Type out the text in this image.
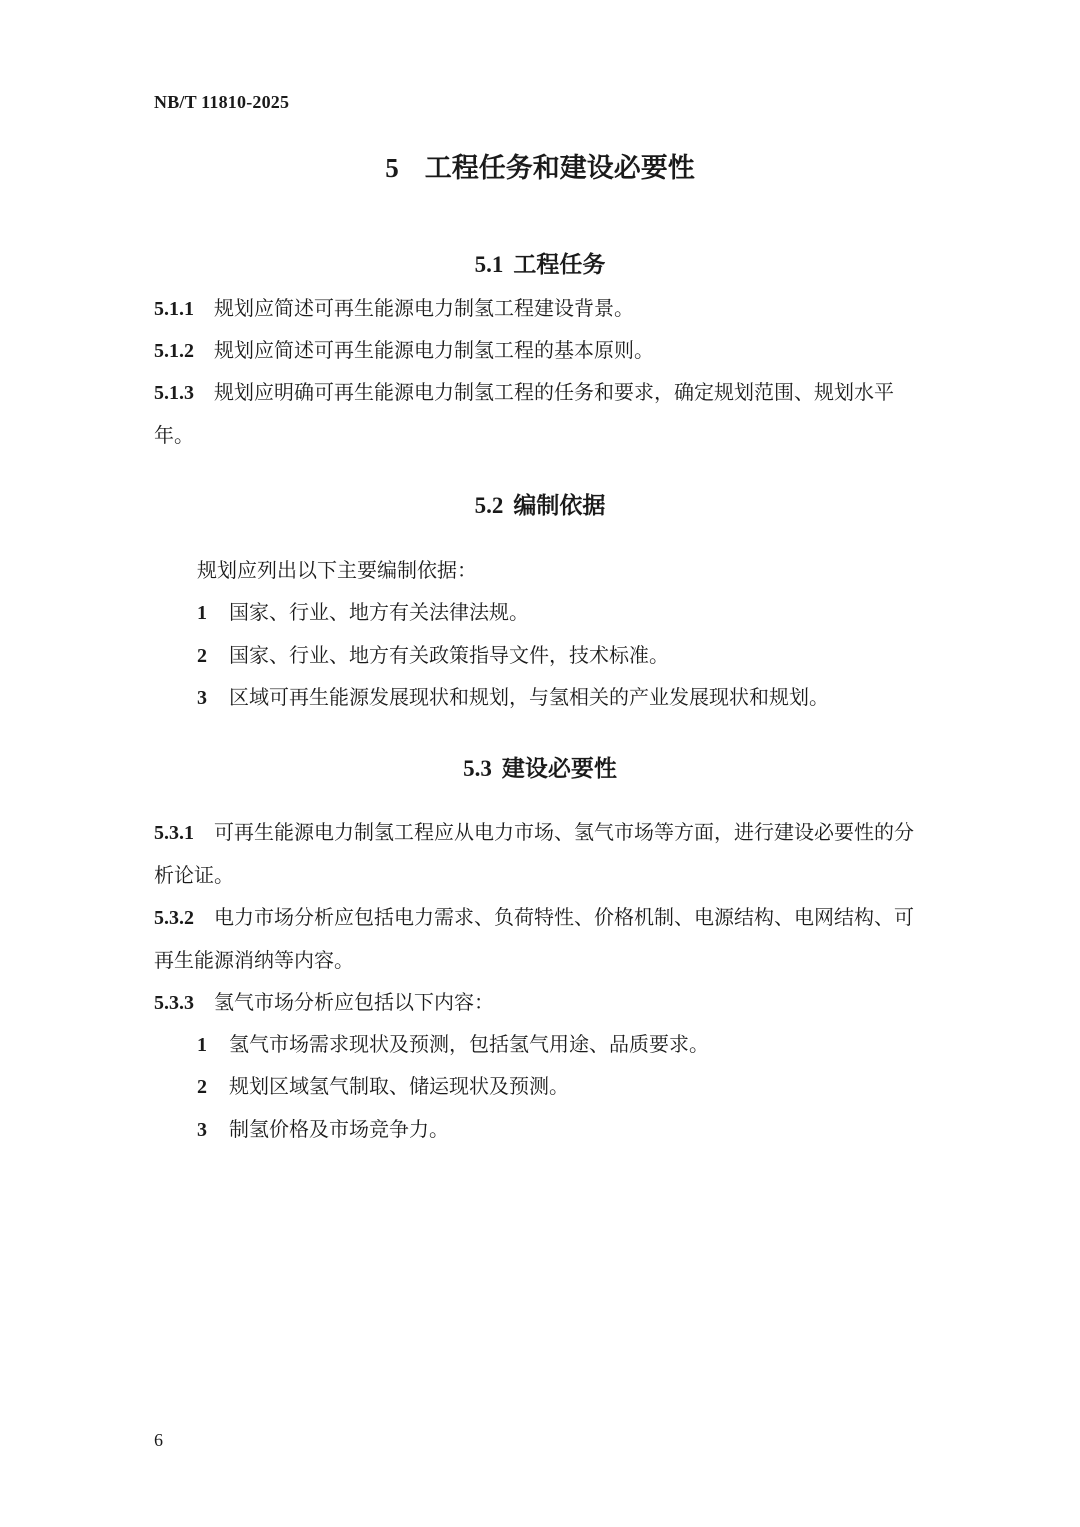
NB/T 11810-2025
5 工程任务和建设必要性
5.1 工程任务
5.1.1 规划应简述可再生能源电力制氢工程建设背景。
5.1.2 规划应简述可再生能源电力制氢工程的基本原则。
5.1.3 规划应明确可再生能源电力制氢工程的任务和要求，确定规划范围、规划水平年。
5.2 编制依据
规划应列出以下主要编制依据：
1 国家、行业、地方有关法律法规。
2 国家、行业、地方有关政策指导文件，技术标准。
3 区域可再生能源发展现状和规划，与氢相关的产业发展现状和规划。
5.3 建设必要性
5.3.1 可再生能源电力制氢工程应从电力市场、氢气市场等方面，进行建设必要性的分析论证。
5.3.2 电力市场分析应包括电力需求、负荷特性、价格机制、电源结构、电网结构、可再生能源消纳等内容。
5.3.3 氢气市场分析应包括以下内容：
1 氢气市场需求现状及预测，包括氢气用途、品质要求。
2 规划区域氢气制取、储运现状及预测。
3 制氢价格及市场竞争力。
6
